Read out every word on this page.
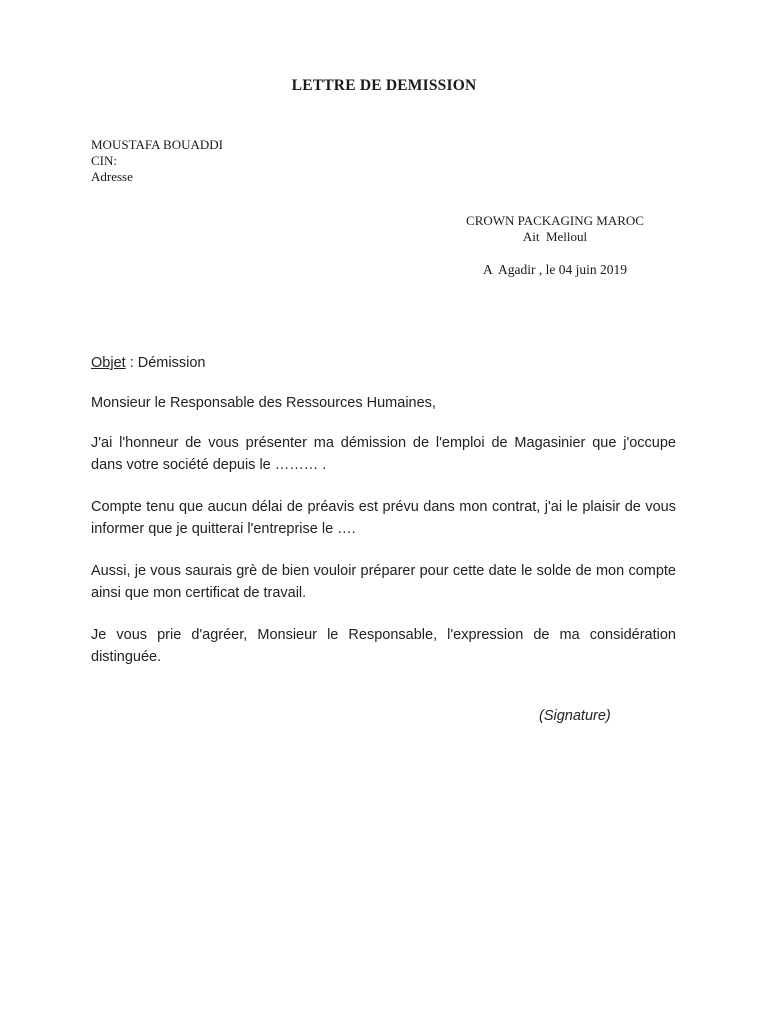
LETTRE DE DEMISSION
MOUSTAFA BOUADDI
CIN:
Adresse
CROWN PACKAGING MAROC
Ait  Melloul
A  Agadir , le 04 juin 2019
Objet : Démission
Monsieur le Responsable des Ressources Humaines,
J'ai l'honneur de vous présenter ma démission de l'emploi de Magasinier que j'occupe dans votre société depuis le ……… .
Compte tenu que aucun délai de préavis est prévu dans mon contrat, j'ai le plaisir de vous informer que je quitterai l'entreprise le ….
Aussi, je vous saurais grè de bien vouloir préparer pour cette date le solde de mon compte ainsi que mon certificat de travail.
Je vous prie d'agréer, Monsieur le Responsable, l'expression de ma considération distinguée.
(Signature)
